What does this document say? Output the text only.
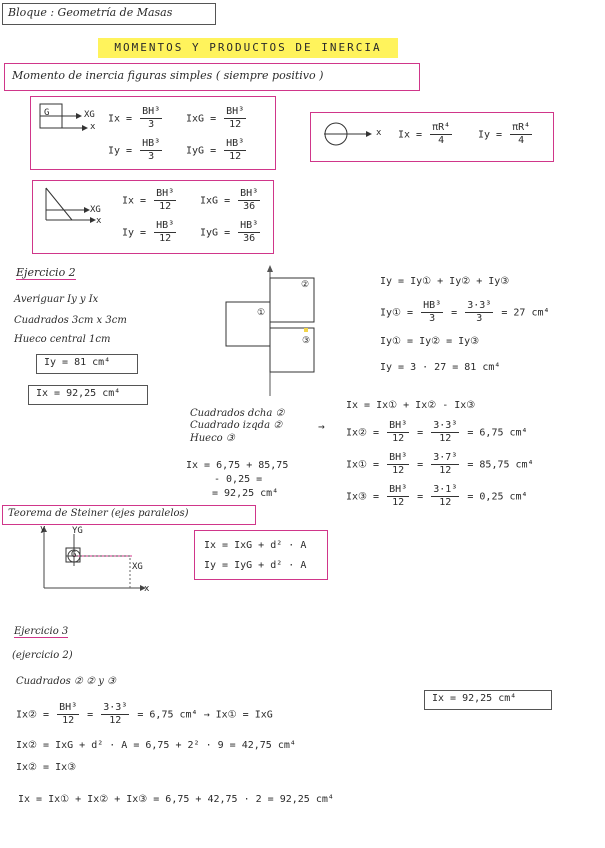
Bloque : Geometría de Masas
MOMENTOS Y PRODUCTOS DE INERCIA
Momento de inercia figuras simples ( siempre positivo )
G	XG
x
$Ix = \frac{\text{BH³}}{3}$ IxG = $\frac{\text{BH³}}{12}$
$Iy = \frac{\text{HB³}}{3}$ IyG = $\frac{\text{HB³}}{12}$
x $Ix = \frac{\text{πR⁴}}{4}$	$Iy = \frac{\text{πR⁴}}{4}$
XG
x
$Ix = \frac{\text{BH³}}{12}$ IxG = $\frac{\text{BH³}}{36}$
$Iy = \frac{\text{HB³}}{12}$ IyG = $\frac{\text{HB³}}{36}$
Ejercicio 2
Averiguar Iy y Ix
Cuadrados 3cm x 3cm
Hueco central 1cm
Iy = 81 cm⁴
Ix = 92,25 cm⁴
②
①
③
Iy = Iy① + Iy② + Iy③
Iy① = $\frac{\text{HB³}}{3} = \frac{\text{3·3³}}{3} = 27$ cm⁴
Iy① = Iy② = Iy③
Iy = 3 · 27 = 81 cm⁴
Ix = Ix① + Ix② - Ix③
Cuadrados dcha ②
Cuadrado izqda ②
Hueco ③
→ Ix② = $\frac{\text{BH³}}{12} = \frac{\text{3·3³}}{12} = 6,75$ cm⁴
Ix① = $\frac{\text{BH³}}{12} = \frac{\text{3·7³}}{12} = 85,75$ cm⁴
Ix③ = $\frac{\text{BH³}}{12} = \frac{\text{3·1³}}{12} = 0,25$ cm⁴
Ix = 6,75 + 85,75
- 0,25 =
= 92,25 cm⁴
Teorema de Steiner (ejes paralelos)
y	YG
G
XG
x
Ix = IxG + d² · A
Iy = IyG + d² · A
Ejercicio 3
(ejercicio 2)
Cuadrados ② ② y ③
Ix = 92,25 cm⁴
Ix② = $\frac{\text{BH³}}{12} = \frac{\text{3·3³}}{12} = 6,75$ cm⁴ → Ix① = IxG
Ix② = IxG + d² · A = 6,75 + 2² · 9 = 42,75 cm⁴
Ix② = Ix③
Ix = Ix① + Ix② + Ix③ = 6,75 + 42,75 · 2 = 92,25 cm⁴
